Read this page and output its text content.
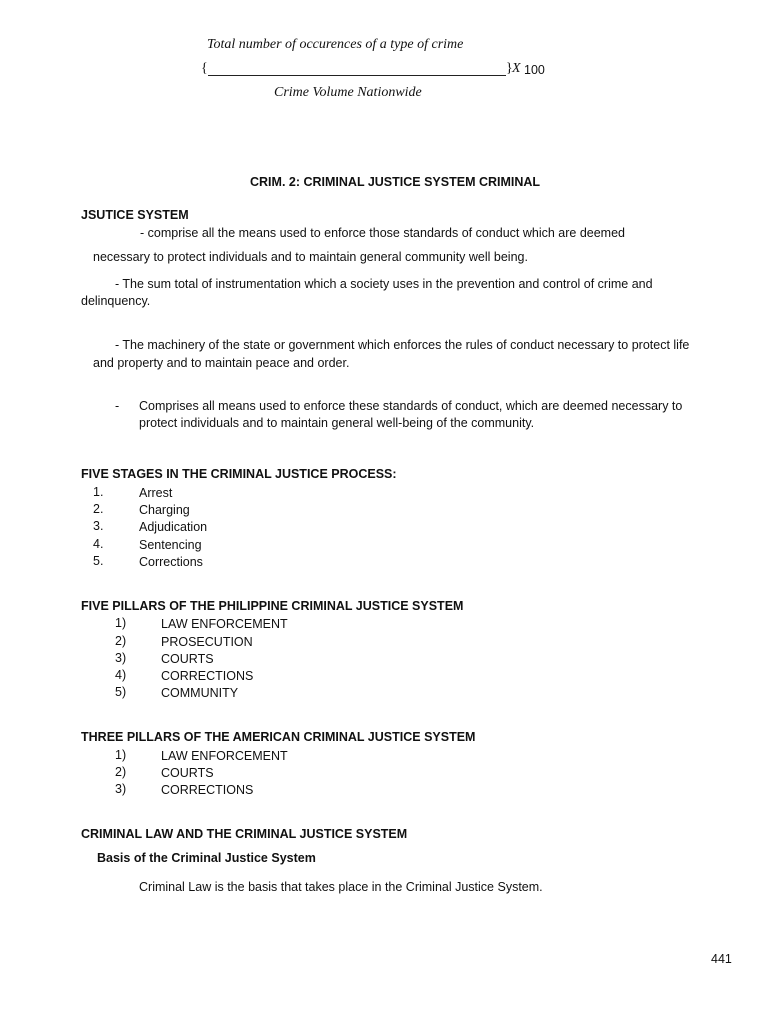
Total number of occurences of a type of crime
{	} X 100
Crime Volume Nationwide
CRIM. 2: CRIMINAL JUSTICE SYSTEM CRIMINAL
JSUTICE SYSTEM
- comprise all the means used to enforce those standards of conduct which are deemed
necessary to protect individuals and to maintain general community well being.
- The sum total of instrumentation which a society uses in the prevention and control of crime and
delinquency.
- The machinery of the state or government which enforces the rules of conduct necessary to protect life
and property and to maintain peace and order.
- Comprises all means used to enforce these standards of conduct, which are deemed necessary to
protect individuals and to maintain general well-being of the community.
FIVE STAGES IN THE CRIMINAL JUSTICE PROCESS:
1.	Arrest
2.	Charging
3.	Adjudication
4.	Sentencing
5.	Corrections
FIVE PILLARS OF THE PHILIPPINE CRIMINAL JUSTICE SYSTEM
1)	LAW ENFORCEMENT
2)	PROSECUTION
3)	COURTS
4)	CORRECTIONS
5)	COMMUNITY
THREE PILLARS OF THE AMERICAN CRIMINAL JUSTICE SYSTEM
1)	LAW ENFORCEMENT
2)	COURTS
3)	CORRECTIONS
CRIMINAL LAW AND THE CRIMINAL JUSTICE SYSTEM
Basis of the Criminal Justice System
Criminal Law is the basis that takes place in the Criminal Justice System.
441
